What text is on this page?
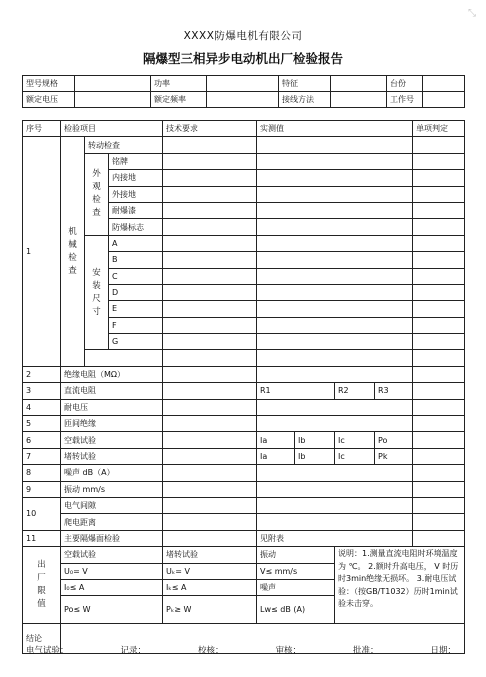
⤡
XXXX防爆电机有限公司
隔爆型三相异步电动机出厂检验报告
型号规格		功率		特征		台份	
额定电压		额定频率		接线方法		工作号	
序号	检验项目			技术要求	实测值				单项判定
1	机械检查	转动检查							

		外观检查	铭牌						
			内接地						
			外接地						
			耐爆漆						
			防爆标志						

		安装尺寸	A						
			B						
			C						
			D						
			E						
			F						
			G						

2	绝缘电阻（MΩ）								
3	直流电阻				R1		R2	R3	
4	耐电压								
5	匝间绝缘								
6	空载试验				Ia	Ib	Ic	Po	
7	堵转试验				Ia	Ib	Ic	Pk	
8	噪声 dB（A）								
9	振动 mm/s								
10	电气间隙								
	爬电距离								
11	主要隔爆面检验				见附表				

出厂限值	空载试验			堵转试验	振动		说明：1.测量直流电阻时环境温度为 ℃。 2.额时升高电压， V 时历时3min绝缘无损坏。 3.耐电压试验：（按GB/T1032）历时1min试验未击穿。		
	U₀= V			Uₖ= V	V≤ mm/s				
	I₀≤ A			Iₖ≤ A	噪声				
	Po≤ W			Pₖ≥ W	Lw≤ dB (A)				
结论									
电气试验：	记录：	校核：	审核：	批准：	日期：
